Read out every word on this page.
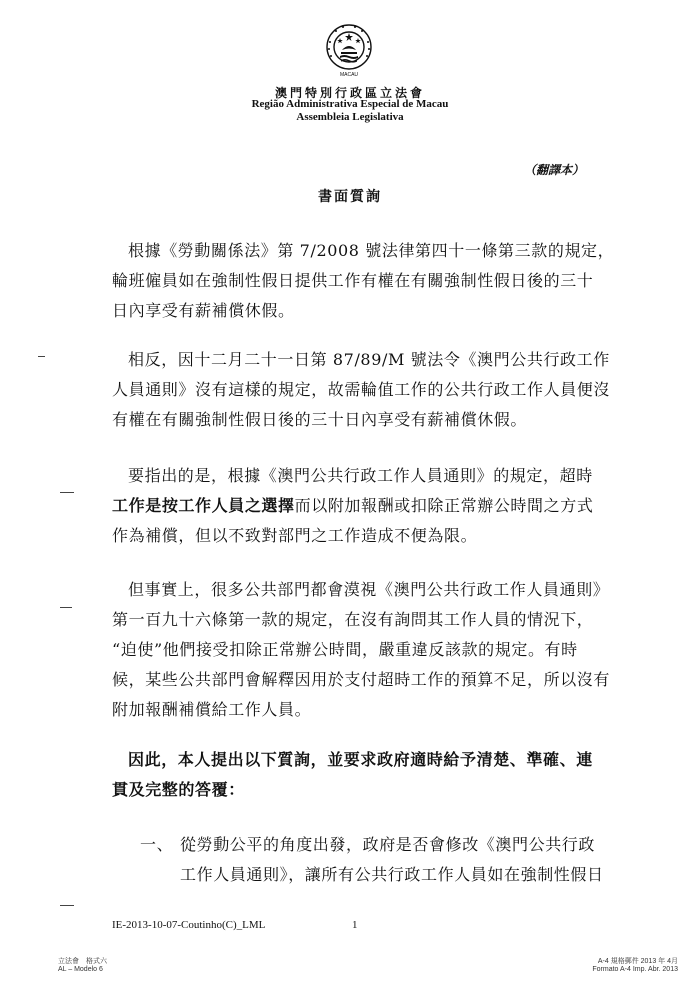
MACAU
澳門特別行政區立法會
Região Administrativa Especial de Macau
Assembleia Legislativa
（翻譯本）
書面質詢
根據《勞動關係法》第 7/2008 號法律第四十一條第三款的規定，
輪班僱員如在強制性假日提供工作有權在有關強制性假日後的三十
日內享受有薪補償休假。
相反，因十二月二十一日第 87/89/M 號法令《澳門公共行政工作
人員通則》沒有這樣的規定，故需輪值工作的公共行政工作人員便沒
有權在有關強制性假日後的三十日內享受有薪補償休假。
要指出的是，根據《澳門公共行政工作人員通則》的規定，超時
工作是按工作人員之選擇而以附加報酬或扣除正常辦公時間之方式
作為補償，但以不致對部門之工作造成不便為限。
但事實上，很多公共部門都會漠視《澳門公共行政工作人員通則》
第一百九十六條第一款的規定，在沒有詢問其工作人員的情況下，
“迫使”他們接受扣除正常辦公時間，嚴重違反該款的規定。有時
候，某些公共部門會解釋因用於支付超時工作的預算不足，所以沒有
附加報酬補償給工作人員。
因此，本人提出以下質詢，並要求政府適時給予清楚、準確、連
貫及完整的答覆：
一、 從勞動公平的角度出發，政府是否會修改《澳門公共行政
工作人員通則》，讓所有公共行政工作人員如在強制性假日
IE-2013-10-07-Coutinho(C)_LML	1
立法會　格式六
AL – Modelo 6
A-4 規格郵件 2013 年 4月
Formato A-4 Imp. Abr. 2013
